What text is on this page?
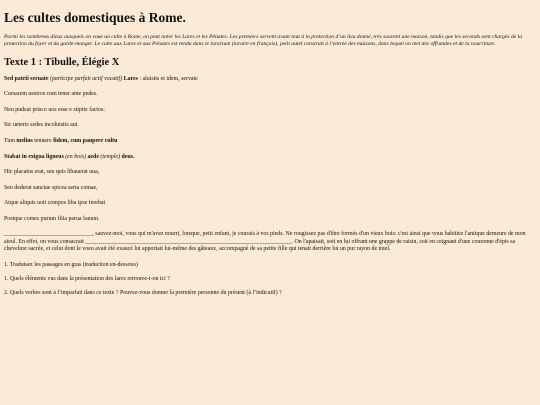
Les cultes domestiques à Rome.

Parmi les nombreux dieux auxquels on voue un culte à Rome, on peut noter les Lares et les Pénates. Les premiers servent avant tout à la protection d’un lieu donné, très souvent une maison, tandis que les seconds sont chargés de la protection du foyer et du garde-manger. Le culte aux Lares et aux Pénates est rendu dans le lararium (laraire en français), petit autel construit à l’entrée des maisons, dans lequel on met des offrandes et de la nourriture.

Texte 1 : Tibulle, Élégie X

Sed patrii seruate (participe parfait actif vocatif) Lares : aluistis et idem, servate

Cursarem uestros cum tener ante pedes.

Neu pudeat prisco uos esse e stipite factos:

Sic ueteris sedes incoluistis aui.

Tum melius tenuere fidem, cum paupere cultu

Stabat in exigua ligneus (en bois) aede (temple) deus.

Hic placatus erat, seu quis libauerat uua,

Seu dederat sanctae spicea serta comae,

Atque aliquis uoti compos liba ipse ferebat

Postque comes purum filia parua fauum.

______________________________, sauvez-moi, vous qui m'avez nourri, lorsque, petit enfant, je courais à vos pieds. Ne rougissez pas d'être formés d'un vieux bois: c'est ainsi que vous habitiez l'antique demeure de mon aïeul. En effet, on vous consacrait ______________________________________________________________________. On l'apaisait, soit en lui offrant une grappe de raisin, soit en ceignant d'une couronne d'épis sa chevelure sacrée, et celui dont le voeu avait été exaucé lui apportait lui-même des gâteaux, accompagné de sa petite fille qui tenait derrière lui un pur rayon de miel.

1. Traduisez les passages en gras (traduction en-dessous)

1. Quels éléments vus dans la présentation des lares retrouve-t-on ici ?

2. Quels verbes sont à l’imparfait dans ce texte ? Pouvez-vous donner la première personne du présent (à l’indicatif) ?
